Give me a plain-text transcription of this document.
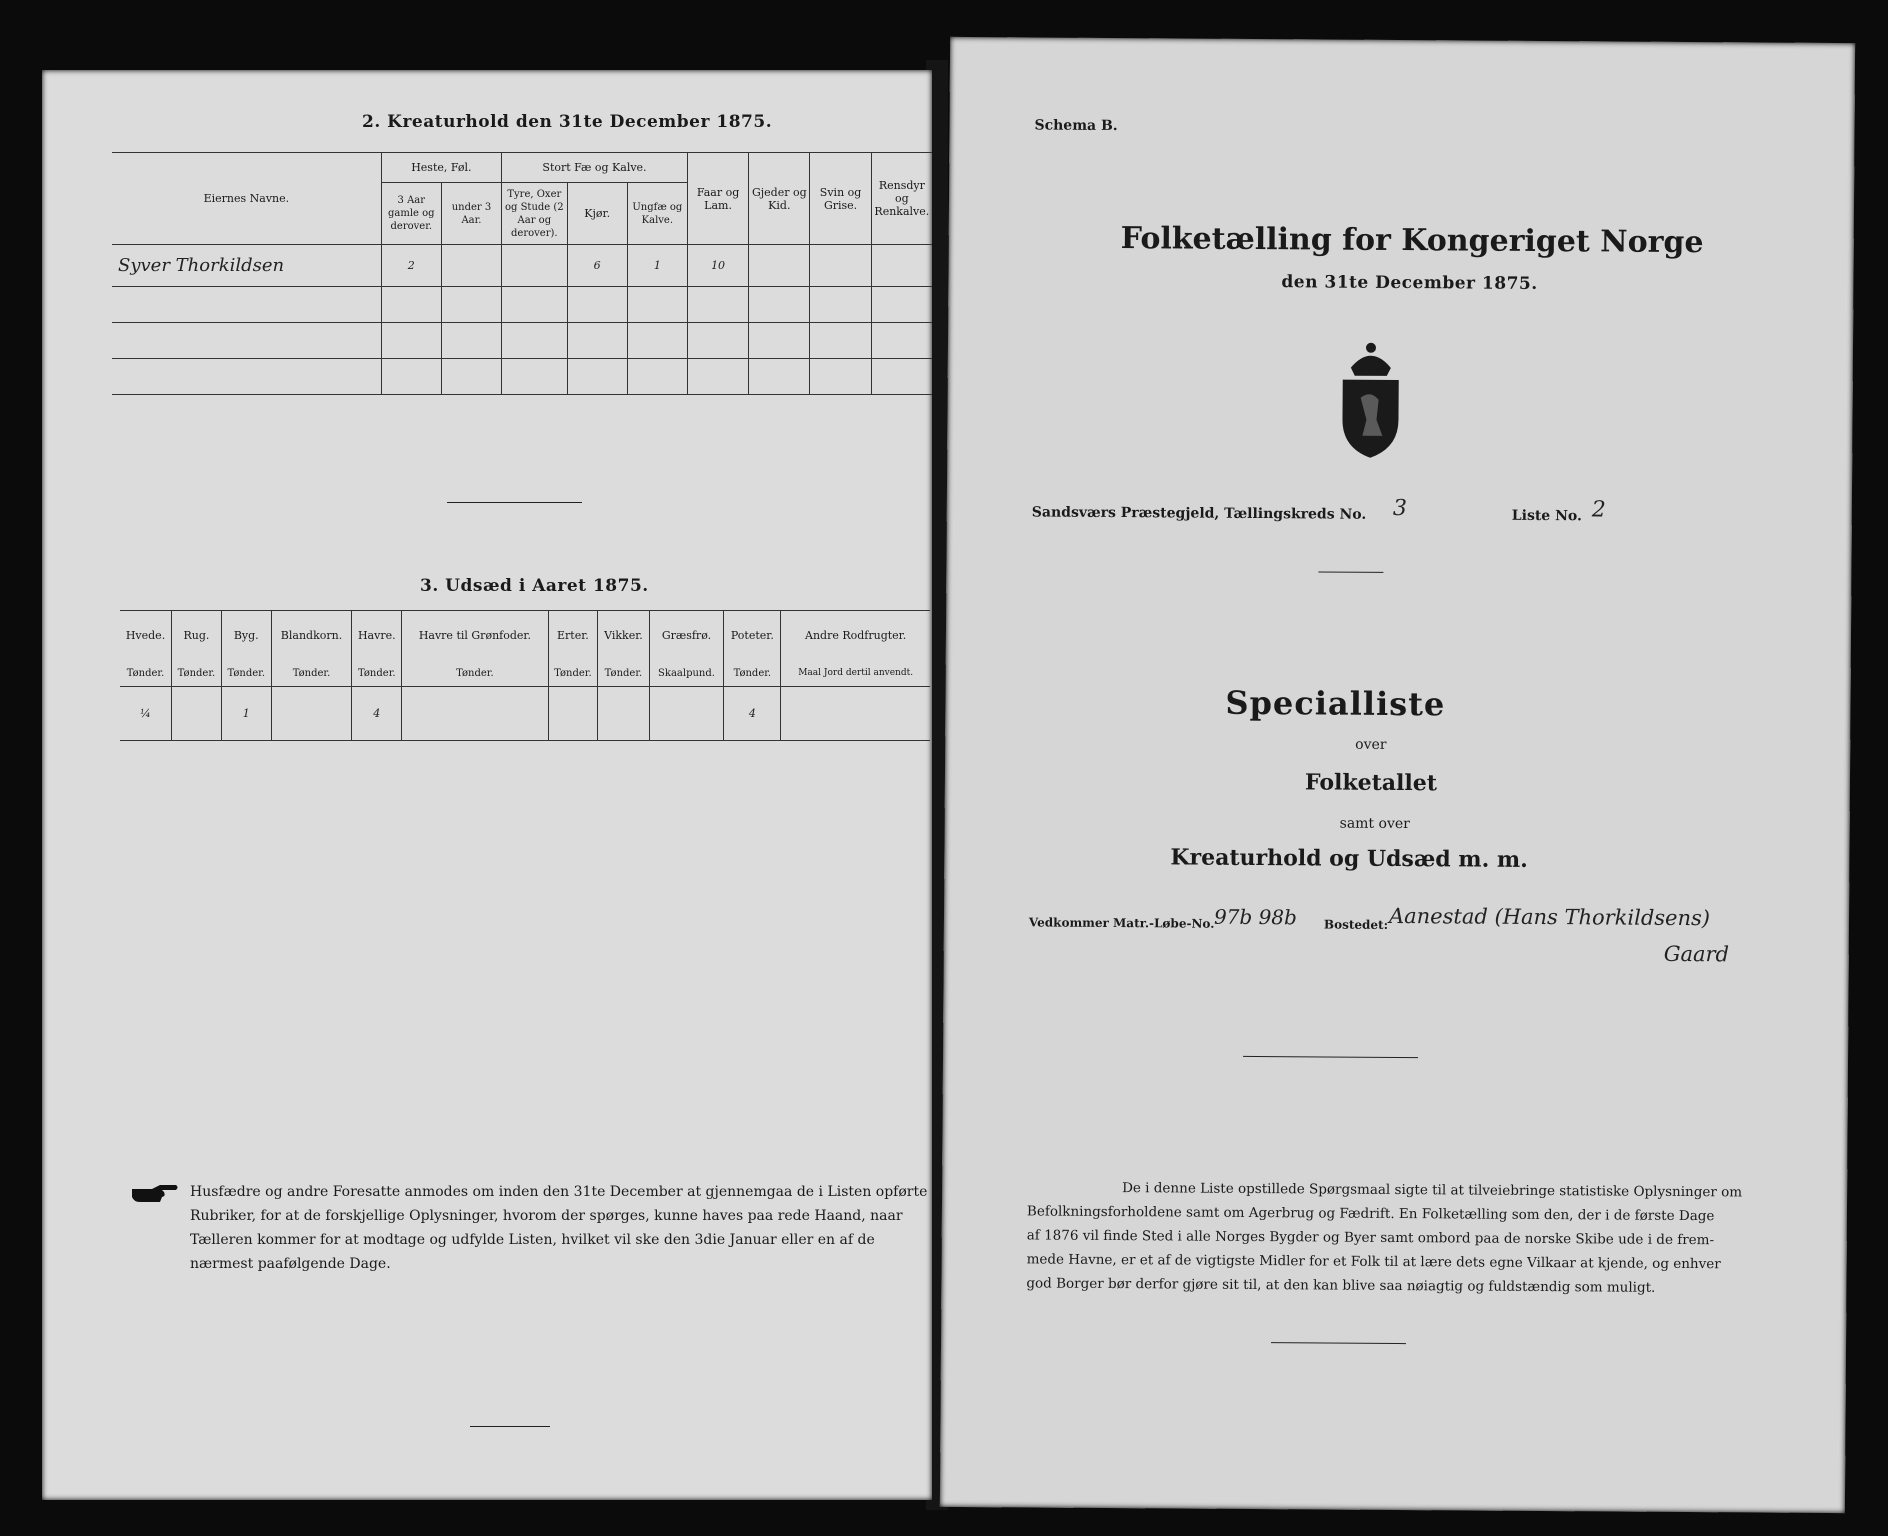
2. Kreaturhold den 31te December 1875.
Eiernes Navne.	Heste, Føl.		Stort Fæ og Kalve.			Faar og Lam.	Gjeder og Kid.	Svin og Grise.	Rensdyr og Renkalve.
	3 Aar gamle og derover.	under 3 Aar.	Tyre, Oxer og Stude (2 Aar og derover).	Kjør.	Ungfæ og Kalve.				
Syver Thorkildsen	2			6	1	10			

3. Udsæd i Aaret 1875.
Hvede.	Rug.	Byg.	Blandkorn.	Havre.	Havre til Grønfoder.	Erter.	Vikker.	Græsfrø.	Poteter.	Andre Rodfrugter.
Tønder.	Tønder.	Tønder.	Tønder.	Tønder.	Tønder.	Tønder.	Tønder.	Skaalpund.	Tønder.	Maal Jord dertil anvendt.
¼		1		4					4	
Husfædre og andre Foresatte anmodes om inden den 31te December at gjennemgaa de i Listen opførte
Rubriker, for at de forskjellige Oplysninger, hvorom der spørges, kunne haves paa rede Haand, naar
Tælleren kommer for at modtage og udfylde Listen, hvilket vil ske den 3die Januar eller en af de
nærmest paafølgende Dage.
Schema B.
Folketælling for Kongeriget Norge
den 31te December 1875.
Sandsværs Præstegjeld, Tællingskreds No. 3	Liste No. 2
Specialliste
over
Folketallet
samt over
Kreaturhold og Udsæd m. m.
Vedkommer Matr.-Løbe-No. 97b 98b Bostedet: Aanestad (Hans Thorkildsens)
Gaard
De i denne Liste opstillede Spørgsmaal sigte til at tilveiebringe statistiske Oplysninger om
Befolkningsforholdene samt om Agerbrug og Fædrift. En Folketælling som den, der i de første Dage
af 1876 vil finde Sted i alle Norges Bygder og Byer samt ombord paa de norske Skibe ude i de frem-
mede Havne, er et af de vigtigste Midler for et Folk til at lære dets egne Vilkaar at kjende, og enhver
god Borger bør derfor gjøre sit til, at den kan blive saa nøiagtig og fuldstændig som muligt.
